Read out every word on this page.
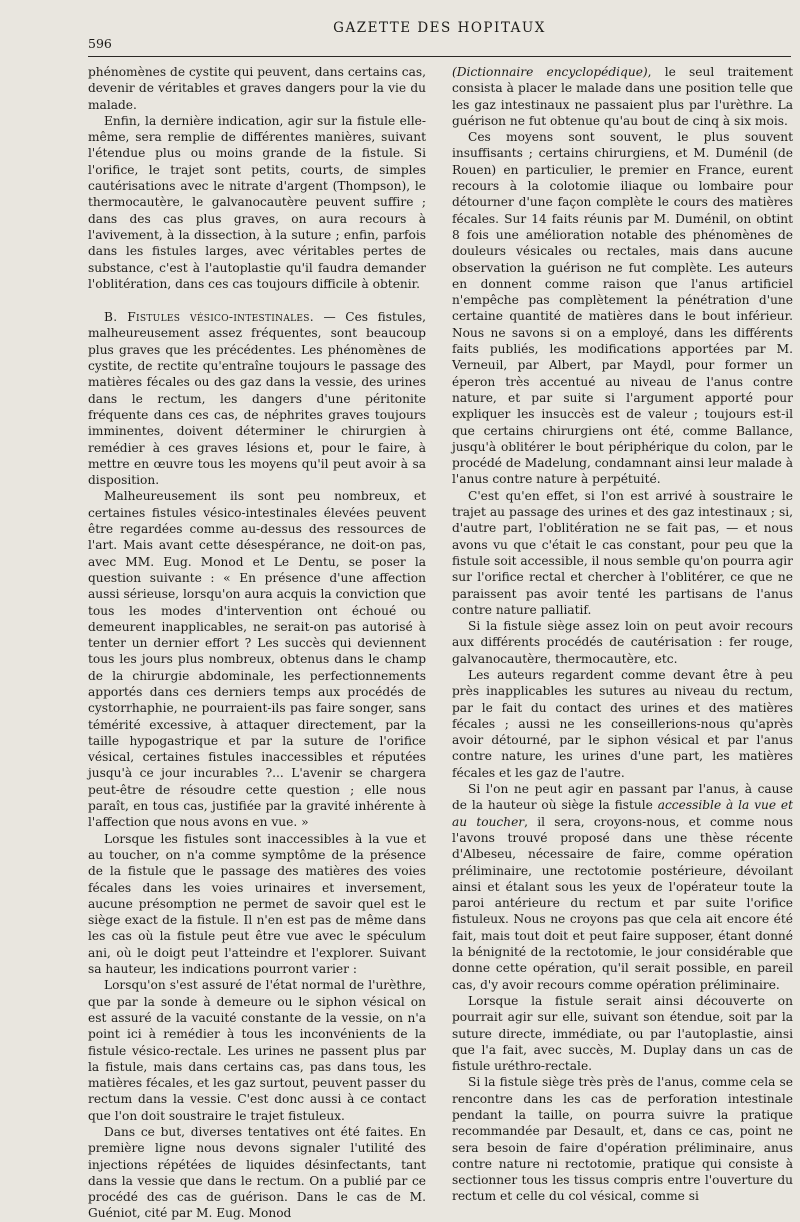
596
GAZETTE DES HOPITAUX

phénomènes de cystite qui peuvent, dans certains cas, devenir de véritables et graves dangers pour la vie du malade.

Enfin, la dernière indication, agir sur la fistule elle-même, sera remplie de différentes manières, suivant l'étendue plus ou moins grande de la fistule. Si l'orifice, le trajet sont petits, courts, de simples cautérisations avec le nitrate d'argent (Thompson), le thermocautère, le galvanocautère peuvent suffire ; dans des cas plus graves, on aura recours à l'avivement, à la dissection, à la suture ; enfin, parfois dans les fistules larges, avec véritables pertes de substance, c'est à l'autoplastie qu'il faudra demander l'oblitération, dans ces cas toujours difficile à obtenir.

B. Fistules vésico-intestinales. — Ces fistules, malheureusement assez fréquentes, sont beaucoup plus graves que les précédentes. Les phénomènes de cystite, de rectite qu'entraîne toujours le passage des matières fécales ou des gaz dans la vessie, des urines dans le rectum, les dangers d'une péritonite fréquente dans ces cas, de néphrites graves toujours imminentes, doivent déterminer le chirurgien à remédier à ces graves lésions et, pour le faire, à mettre en œuvre tous les moyens qu'il peut avoir à sa disposition.

Malheureusement ils sont peu nombreux, et certaines fistules vésico-intestinales élevées peuvent être regardées comme au-dessus des ressources de l'art. Mais avant cette désespérance, ne doit-on pas, avec MM. Eug. Monod et Le Dentu, se poser la question suivante : « En présence d'une affection aussi sérieuse, lorsqu'on aura acquis la conviction que tous les modes d'intervention ont échoué ou demeurent inapplicables, ne serait-on pas autorisé à tenter un dernier effort ? Les succès qui deviennent tous les jours plus nombreux, obtenus dans le champ de la chirurgie abdominale, les perfectionnements apportés dans ces derniers temps aux procédés de cystorrhaphie, ne pourraient-ils pas faire songer, sans témérité excessive, à attaquer directement, par la taille hypogastrique et par la suture de l'orifice vésical, certaines fistules inaccessibles et réputées jusqu'à ce jour incurables ?... L'avenir se chargera peut-être de résoudre cette question ; elle nous paraît, en tous cas, justifiée par la gravité inhérente à l'affection que nous avons en vue. »

Lorsque les fistules sont inaccessibles à la vue et au toucher, on n'a comme symptôme de la présence de la fistule que le passage des matières des voies fécales dans les voies urinaires et inversement, aucune présomption ne permet de savoir quel est le siège exact de la fistule. Il n'en est pas de même dans les cas où la fistule peut être vue avec le spéculum ani, où le doigt peut l'atteindre et l'explorer. Suivant sa hauteur, les indications pourront varier :

Lorsqu'on s'est assuré de l'état normal de l'urèthre, que par la sonde à demeure ou le siphon vésical on est assuré de la vacuité constante de la vessie, on n'a point ici à remédier à tous les inconvénients de la fistule vésico-rectale. Les urines ne passent plus par la fistule, mais dans certains cas, pas dans tous, les matières fécales, et les gaz surtout, peuvent passer du rectum dans la vessie. C'est donc aussi à ce contact que l'on doit soustraire le trajet fistuleux.

Dans ce but, diverses tentatives ont été faites. En première ligne nous devons signaler l'utilité des injections répétées de liquides désinfectants, tant dans la vessie que dans le rectum. On a publié par ce procédé des cas de guérison. Dans le cas de M. Guéniot, cité par M. Eug. Monod

(Dictionnaire encyclopédique), le seul traitement consista à placer le malade dans une position telle que les gaz intestinaux ne passaient plus par l'urèthre. La guérison ne fut obtenue qu'au bout de cinq à six mois.

Ces moyens sont souvent, le plus souvent insuffisants ; certains chirurgiens, et M. Duménil (de Rouen) en particulier, le premier en France, eurent recours à la colotomie iliaque ou lombaire pour détourner d'une façon complète le cours des matières fécales. Sur 14 faits réunis par M. Duménil, on obtint 8 fois une amélioration notable des phénomènes de douleurs vésicales ou rectales, mais dans aucune observation la guérison ne fut complète. Les auteurs en donnent comme raison que l'anus artificiel n'empêche pas complètement la pénétration d'une certaine quantité de matières dans le bout inférieur. Nous ne savons si on a employé, dans les différents faits publiés, les modifications apportées par M. Verneuil, par Albert, par Maydl, pour former un éperon très accentué au niveau de l'anus contre nature, et par suite si l'argument apporté pour expliquer les insuccès est de valeur ; toujours est-il que certains chirurgiens ont été, comme Ballance, jusqu'à oblitérer le bout périphérique du colon, par le procédé de Madelung, condamnant ainsi leur malade à l'anus contre nature à perpétuité.

C'est qu'en effet, si l'on est arrivé à soustraire le trajet au passage des urines et des gaz intestinaux ; si, d'autre part, l'oblitération ne se fait pas, — et nous avons vu que c'était le cas constant, pour peu que la fistule soit accessible, il nous semble qu'on pourra agir sur l'orifice rectal et chercher à l'oblitérer, ce que ne paraissent pas avoir tenté les partisans de l'anus contre nature palliatif.

Si la fistule siège assez loin on peut avoir recours aux différents procédés de cautérisation : fer rouge, galvanocautère, thermocautère, etc.

Les auteurs regardent comme devant être à peu près inapplicables les sutures au niveau du rectum, par le fait du contact des urines et des matières fécales ; aussi ne les conseillerions-nous qu'après avoir détourné, par le siphon vésical et par l'anus contre nature, les urines d'une part, les matières fécales et les gaz de l'autre.

Si l'on ne peut agir en passant par l'anus, à cause de la hauteur où siège la fistule accessible à la vue et au toucher, il sera, croyons-nous, et comme nous l'avons trouvé proposé dans une thèse récente d'Albeseu, nécessaire de faire, comme opération préliminaire, une rectotomie postérieure, dévoilant ainsi et étalant sous les yeux de l'opérateur toute la paroi antérieure du rectum et par suite l'orifice fistuleux. Nous ne croyons pas que cela ait encore été fait, mais tout doit et peut faire supposer, étant donné la bénignité de la rectotomie, le jour considérable que donne cette opération, qu'il serait possible, en pareil cas, d'y avoir recours comme opération préliminaire.

Lorsque la fistule serait ainsi découverte on pourrait agir sur elle, suivant son étendue, soit par la suture directe, immédiate, ou par l'autoplastie, ainsi que l'a fait, avec succès, M. Duplay dans un cas de fistule uréthro-rectale.

Si la fistule siège très près de l'anus, comme cela se rencontre dans les cas de perforation intestinale pendant la taille, on pourra suivre la pratique recommandée par Desault, et, dans ce cas, point ne sera besoin de faire d'opération préliminaire, anus contre nature ni rectotomie, pratique qui consiste à sectionner tous les tissus compris entre l'ouverture du rectum et celle du col vésical, comme si
